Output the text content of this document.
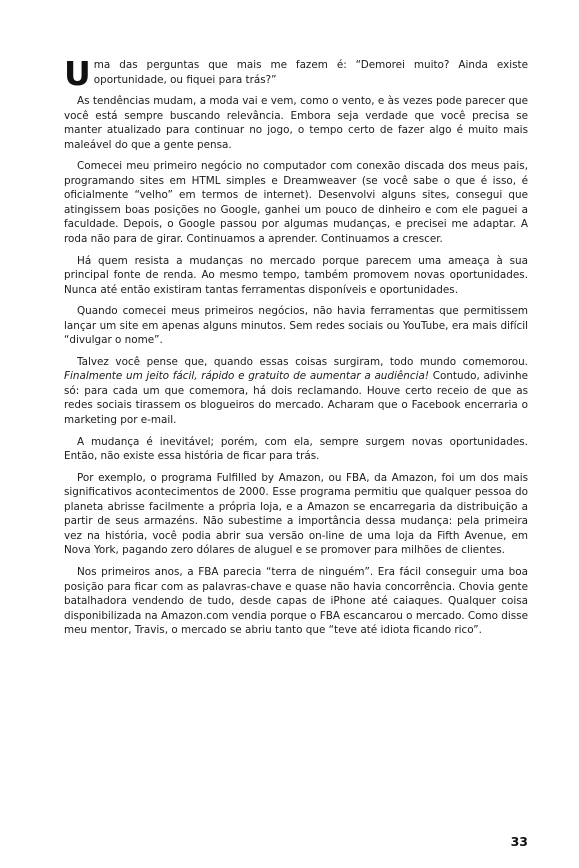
Uma das perguntas que mais me fazem é: “Demorei muito? Ainda existe oportunidade, ou fiquei para trás?”

As tendências mudam, a moda vai e vem, como o vento, e às vezes pode parecer que você está sempre buscando relevância. Embora seja verdade que você precisa se manter atualizado para continuar no jogo, o tempo certo de fazer algo é muito mais maleável do que a gente pensa.

Comecei meu primeiro negócio no computador com conexão discada dos meus pais, programando sites em HTML simples e Dreamweaver (se você sabe o que é isso, é oficialmente “velho” em termos de internet). Desenvolvi alguns sites, consegui que atingissem boas posições no Google, ganhei um pouco de dinheiro e com ele paguei a faculdade. Depois, o Google passou por algumas mudanças, e precisei me adaptar. A roda não para de girar. Continuamos a aprender. Continuamos a crescer.

Há quem resista a mudanças no mercado porque parecem uma ameaça à sua principal fonte de renda. Ao mesmo tempo, também promovem novas oportunidades. Nunca até então existiram tantas ferramentas disponíveis e oportunidades.

Quando comecei meus primeiros negócios, não havia ferramentas que permitissem lançar um site em apenas alguns minutos. Sem redes sociais ou YouTube, era mais difícil “divulgar o nome”.

Talvez você pense que, quando essas coisas surgiram, todo mundo comemorou. Finalmente um jeito fácil, rápido e gratuito de aumentar a audiência! Contudo, adivinhe só: para cada um que comemora, há dois reclamando. Houve certo receio de que as redes sociais tirassem os blogueiros do mercado. Acharam que o Facebook encerraria o marketing por e-mail.

A mudança é inevitável; porém, com ela, sempre surgem novas oportunidades. Então, não existe essa história de ficar para trás.

Por exemplo, o programa Fulfilled by Amazon, ou FBA, da Amazon, foi um dos mais significativos acontecimentos de 2000. Esse programa permitiu que qualquer pessoa do planeta abrisse facilmente a própria loja, e a Amazon se encarregaria da distribuição a partir de seus armazéns. Não subestime a importância dessa mudança: pela primeira vez na história, você podia abrir sua versão on-line de uma loja da Fifth Avenue, em Nova York, pagando zero dólares de aluguel e se promover para milhões de clientes.

Nos primeiros anos, a FBA parecia “terra de ninguém”. Era fácil conseguir uma boa posição para ficar com as palavras-chave e quase não havia concorrência. Chovia gente batalhadora vendendo de tudo, desde capas de iPhone até caiaques. Qualquer coisa disponibilizada na Amazon.com vendia porque o FBA escancarou o mercado. Como disse meu mentor, Travis, o mercado se abriu tanto que “teve até idiota ficando rico”.

33
